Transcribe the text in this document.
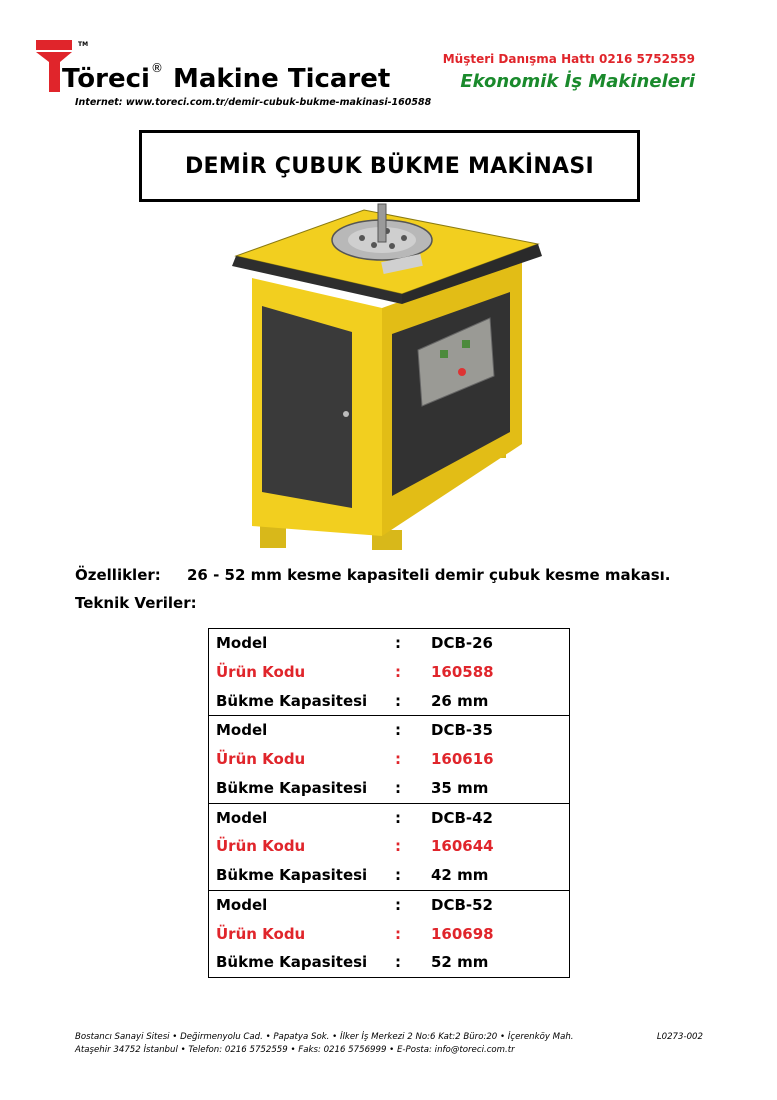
TM
Töreci® Makine Ticaret
Internet: www.toreci.com.tr/demir-cubuk-bukme-makinasi-160588
Müşteri Danışma Hattı 0216 5752559
Ekonomik İş Makineleri
DEMİR ÇUBUK BÜKME MAKİNASI
Özellikler: 26 - 52 mm kesme kapasiteli demir çubuk kesme makası.
Teknik Veriler:
Model	: DCB-26
Ürün Kodu	: 160588
Bükme Kapasitesi : 26 mm
Model	: DCB-35
Ürün Kodu	: 160616
Bükme Kapasitesi : 35 mm
Model	: DCB-42
Ürün Kodu	: 160644
Bükme Kapasitesi : 42 mm
Model	: DCB-52
Ürün Kodu	: 160698
Bükme Kapasitesi : 52 mm
Bostancı Sanayi Sitesi • Değirmenyolu Cad. • Papatya Sok. • İlker İş Merkezi 2 No:6 Kat:2 Büro:20 • İçerenköy Mah.
Ataşehir 34752 İstanbul • Telefon: 0216 5752559 • Faks: 0216 5756999 • E-Posta: info@toreci.com.tr
L0273-002
